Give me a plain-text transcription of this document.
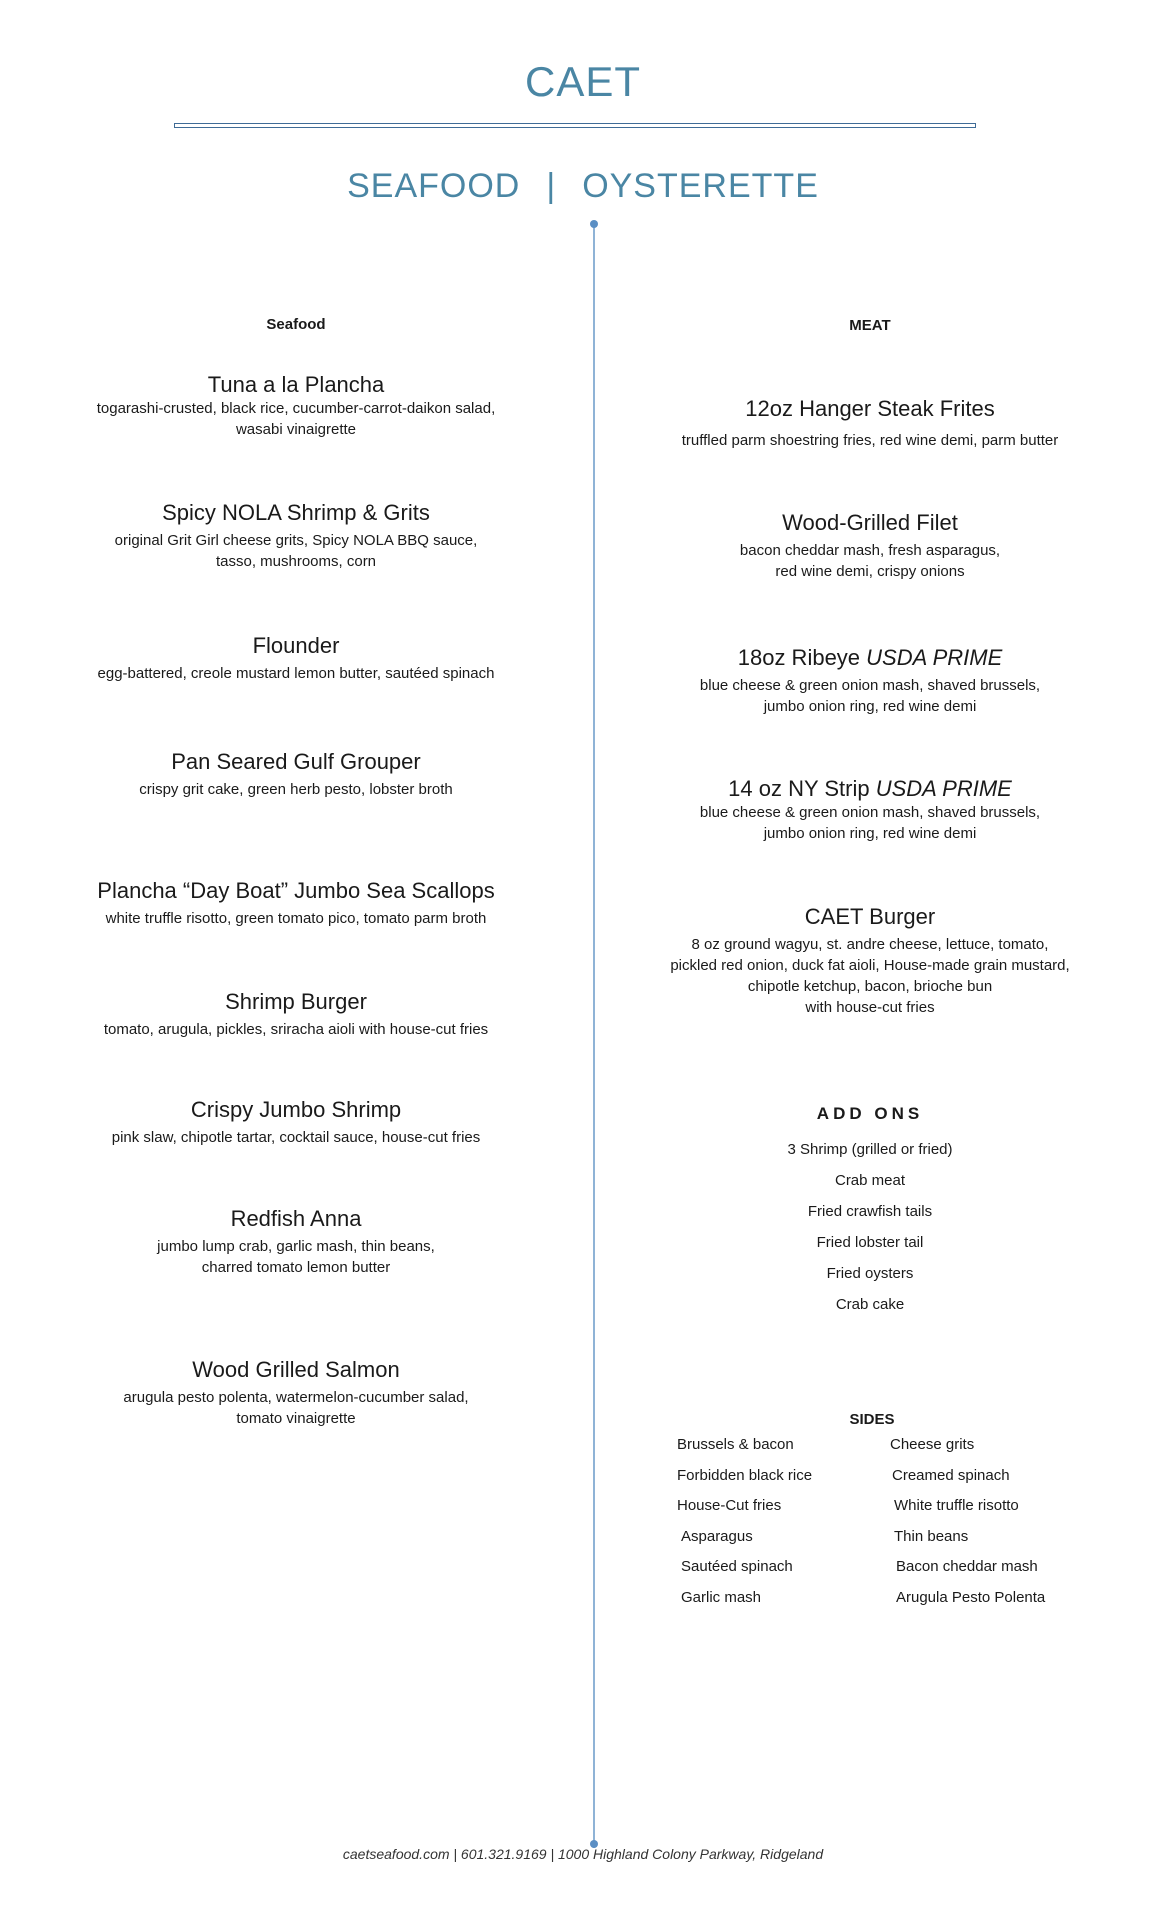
CAET
SEAFOOD | OYSTERETTE
Seafood
Tuna a la Plancha
togarashi-crusted, black rice, cucumber-carrot-daikon salad,
wasabi vinaigrette
Spicy NOLA Shrimp & Grits
original Grit Girl cheese grits, Spicy NOLA BBQ sauce,
tasso, mushrooms, corn
Flounder
egg-battered, creole mustard lemon butter, sautéed spinach
Pan Seared Gulf Grouper
crispy grit cake, green herb pesto, lobster broth
Plancha “Day Boat” Jumbo Sea Scallops
white truffle risotto, green tomato pico, tomato parm broth
Shrimp Burger
tomato, arugula, pickles, sriracha aioli with house-cut fries
Crispy Jumbo Shrimp
pink slaw, chipotle tartar, cocktail sauce, house-cut fries
Redfish Anna
jumbo lump crab, garlic mash, thin beans,
charred tomato lemon butter
Wood Grilled Salmon
arugula pesto polenta, watermelon-cucumber salad,
tomato vinaigrette
MEAT
12oz Hanger Steak Frites
truffled parm shoestring fries, red wine demi, parm butter
Wood-Grilled Filet
bacon cheddar mash, fresh asparagus,
red wine demi, crispy onions
18oz Ribeye USDA PRIME
blue cheese & green onion mash, shaved brussels,
jumbo onion ring, red wine demi
14 oz NY Strip USDA PRIME
blue cheese & green onion mash, shaved brussels,
jumbo onion ring, red wine demi
CAET Burger
8 oz ground wagyu, st. andre cheese, lettuce, tomato,
pickled red onion, duck fat aioli, House-made grain mustard,
chipotle ketchup, bacon, brioche bun
with house-cut fries
ADD ONS
3 Shrimp (grilled or fried)
Crab meat
Fried crawfish tails
Fried lobster tail
Fried oysters
Crab cake
SIDES
Brussels & bacon
Forbidden black rice
House-Cut fries
Asparagus
Sautéed spinach
Garlic mash
Cheese grits
Creamed spinach
White truffle risotto
Thin beans
Bacon cheddar mash
Arugula Pesto Polenta
caetseafood.com | 601.321.9169 | 1000 Highland Colony Parkway, Ridgeland
